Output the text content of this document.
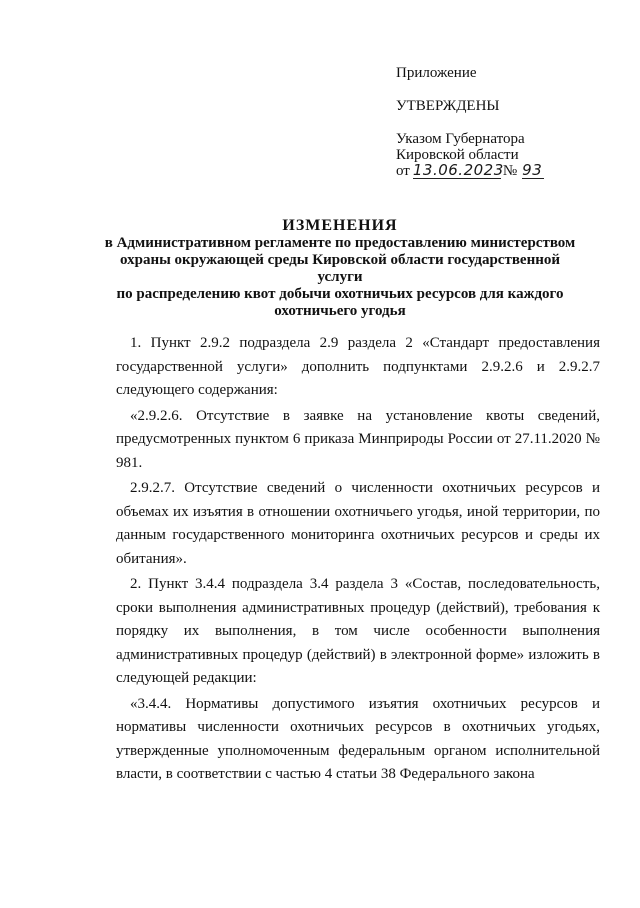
Приложение
УТВЕРЖДЕНЫ
Указом Губернатора
Кировской области
от 13.06.2023 № 93
ИЗМЕНЕНИЯ
в Административном регламенте по предоставлению министерством
охраны окружающей среды Кировской области государственной услуги
по распределению квот добычи охотничьих ресурсов для каждого
охотничьего угодья

1. Пункт 2.9.2 подраздела 2.9 раздела 2 «Стандарт предоставления государственной услуги» дополнить подпунктами 2.9.2.6 и 2.9.2.7 следующего содержания:

«2.9.2.6. Отсутствие в заявке на установление квоты сведений, предусмотренных пунктом 6 приказа Минприроды России от 27.11.2020 № 981.

2.9.2.7. Отсутствие сведений о численности охотничьих ресурсов и объемах их изъятия в отношении охотничьего угодья, иной территории, по данным государственного мониторинга охотничьих ресурсов и среды их обитания».

2. Пункт 3.4.4 подраздела 3.4 раздела 3 «Состав, последовательность, сроки выполнения административных процедур (действий), требования к порядку их выполнения, в том числе особенности выполнения административных процедур (действий) в электронной форме» изложить в следующей редакции:

«3.4.4. Нормативы допустимого изъятия охотничьих ресурсов и нормативы численности охотничьих ресурсов в охотничьих угодьях, утвержденные уполномоченным федеральным органом исполнительной власти, в соответствии с частью 4 статьи 38 Федерального закона
